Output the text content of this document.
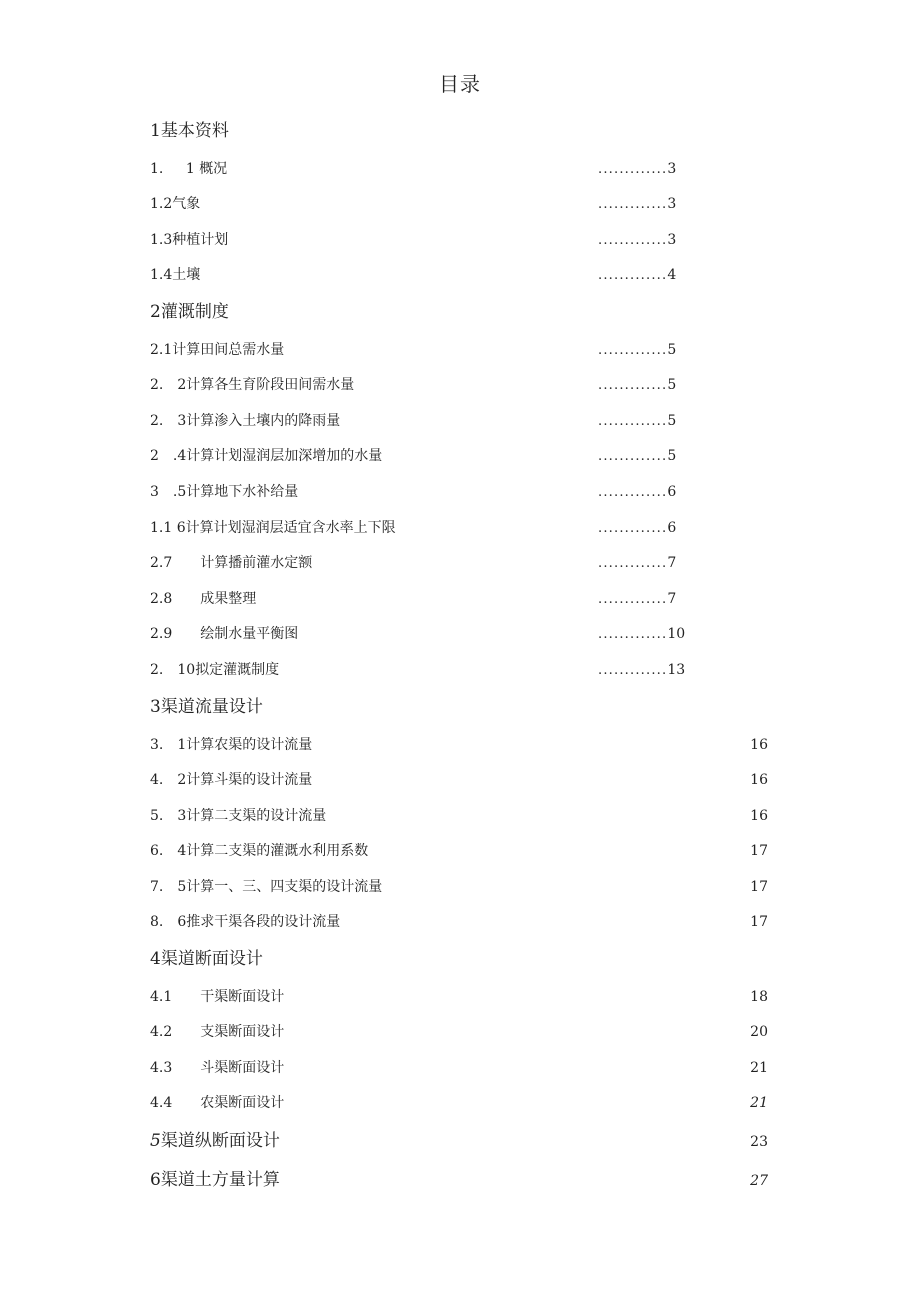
目录
1基本资料
1. 1 概况	.............3
1.2气象	.............3
1.3种植计划	.............3
1.4土壤	.............4
2灌溉制度
2.1计算田间总需水量	.............5
2.　2计算各生育阶段田间需水量	.............5
2.　3计算渗入土壤内的降雨量	.............5
2　.4计算计划湿润层加深增加的水量	.............5
3　.5计算地下水补给量	.............6
1.1 6计算计划湿润层适宜含水率上下限	.............6
2.7 计算播前灌水定额	.............7
2.8 成果整理	.............7
2.9 绘制水量平衡图	.............10
2.　10拟定灌溉制度	.............13
3渠道流量设计
3.　1计算农渠的设计流量	16
4.　2计算斗渠的设计流量	16
5.　3计算二支渠的设计流量	16
6.　4计算二支渠的灌溉水利用系数	17
7.　5计算一、三、四支渠的设计流量	17
8.　6推求干渠各段的设计流量	17
4渠道断面设计
4.1 干渠断面设计	18
4.2 支渠断面设计	20
4.3 斗渠断面设计	21
4.4 农渠断面设计	21
5渠道纵断面设计	23
6渠道土方量计算	27
